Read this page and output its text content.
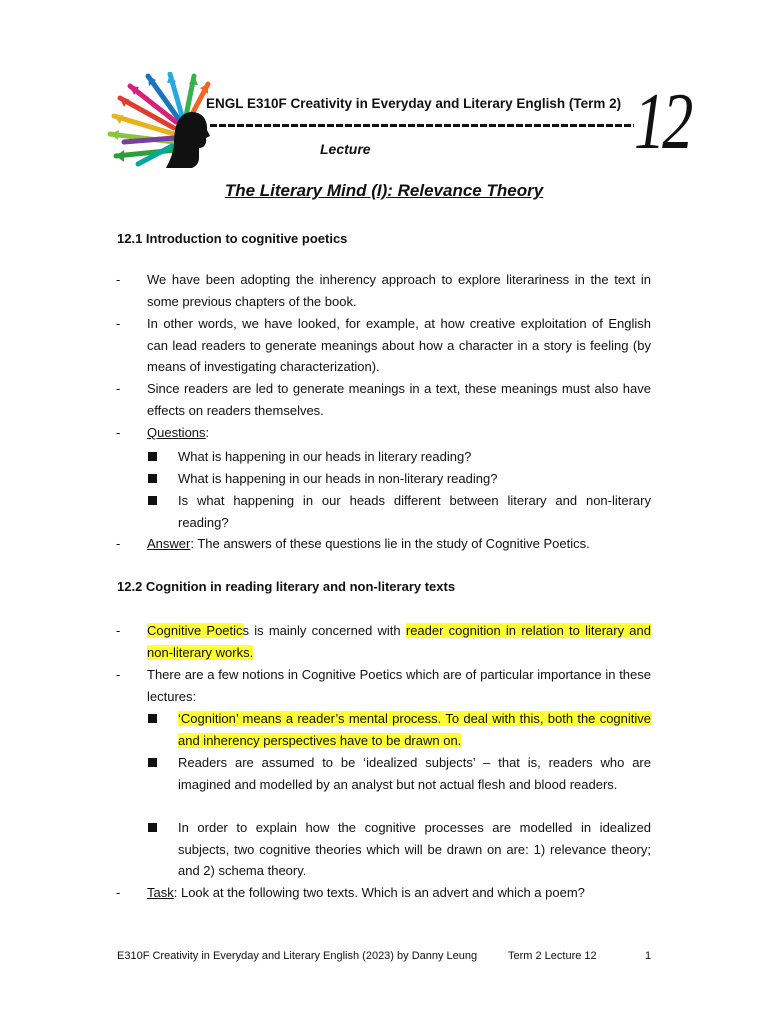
ENGL E310F Creativity in Everyday and Literary English (Term 2)
Lecture	12
The Literary Mind (I): Relevance Theory
12.1 Introduction to cognitive poetics
- We have been adopting the inherency approach to explore literariness in the text in some previous chapters of the book.
- In other words, we have looked, for example, at how creative exploitation of English can lead readers to generate meanings about how a character in a story is feeling (by means of investigating characterization).
- Since readers are led to generate meanings in a text, these meanings must also have effects on readers themselves.
- Questions:
What is happening in our heads in literary reading?
What is happening in our heads in non-literary reading?
Is what happening in our heads different between literary and non-literary reading?
- Answer: The answers of these questions lie in the study of Cognitive Poetics.
12.2 Cognition in reading literary and non-literary texts
- Cognitive Poetics is mainly concerned with reader cognition in relation to literary and non-literary works.
- There are a few notions in Cognitive Poetics which are of particular importance in these lectures:
‘Cognition’ means a reader’s mental process. To deal with this, both the cognitive and inherency perspectives have to be drawn on.
Readers are assumed to be ‘idealized subjects’ – that is, readers who are imagined and modelled by an analyst but not actual flesh and blood readers.
In order to explain how the cognitive processes are modelled in idealized subjects, two cognitive theories which will be drawn on are: 1) relevance theory; and 2) schema theory.
- Task: Look at the following two texts. Which is an advert and which a poem?
E310F Creativity in Everyday and Literary English (2023) by Danny Leung	Term 2 Lecture 12	1
